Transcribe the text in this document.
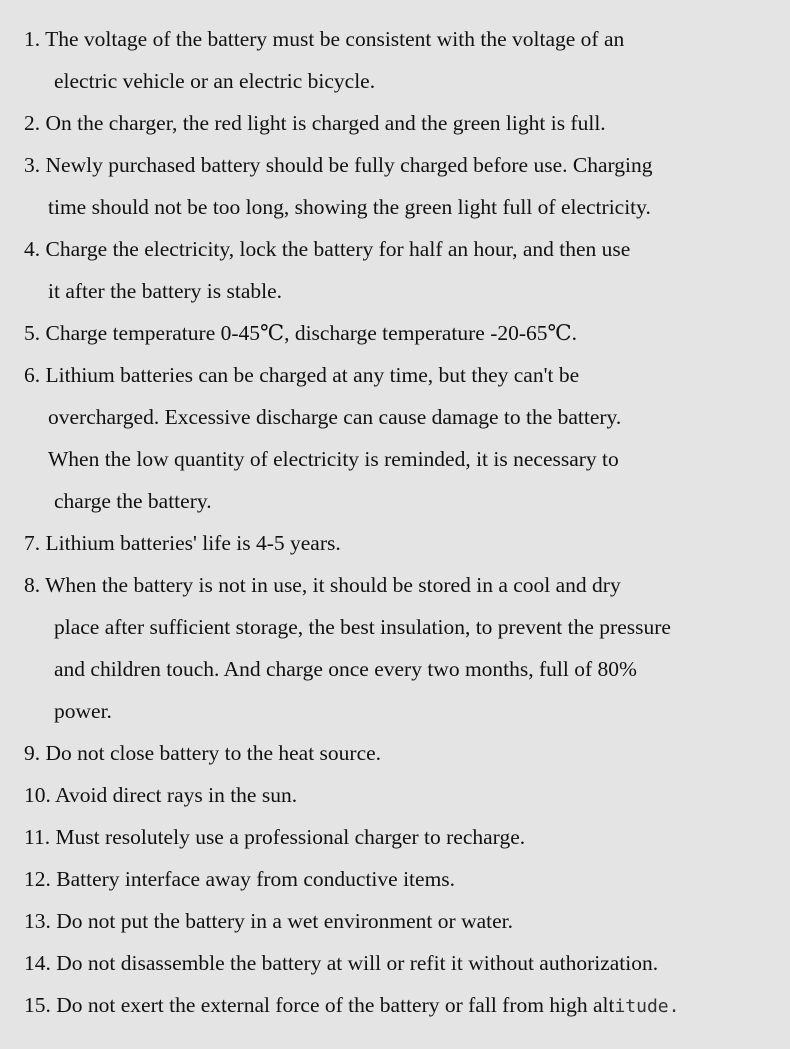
1. The voltage of the battery must be consistent with the voltage of an
electric vehicle or an electric bicycle.
2. On the charger, the red light is charged and the green light is full.
3. Newly purchased battery should be fully charged before use. Charging
time should not be too long, showing the green light full of electricity.
4. Charge the electricity, lock the battery for half an hour, and then use
it after the battery is stable.
5. Charge temperature 0-45℃, discharge temperature -20-65℃.
6. Lithium batteries can be charged at any time, but they can't be
overcharged. Excessive discharge can cause damage to the battery.
When the low quantity of electricity is reminded, it is necessary to
charge the battery.
7. Lithium batteries' life is 4-5 years.
8. When the battery is not in use, it should be stored in a cool and dry
place after sufficient storage, the best insulation, to prevent the pressure
and children touch. And charge once every two months, full of 80%
power.
9. Do not close battery to the heat source.
10. Avoid direct rays in the sun.
11. Must resolutely use a professional charger to recharge.
12. Battery interface away from conductive items.
13. Do not put the battery in a wet environment or water.
14. Do not disassemble the battery at will or refit it without authorization.
15. Do not exert the external force of the battery or fall from high altitude.
